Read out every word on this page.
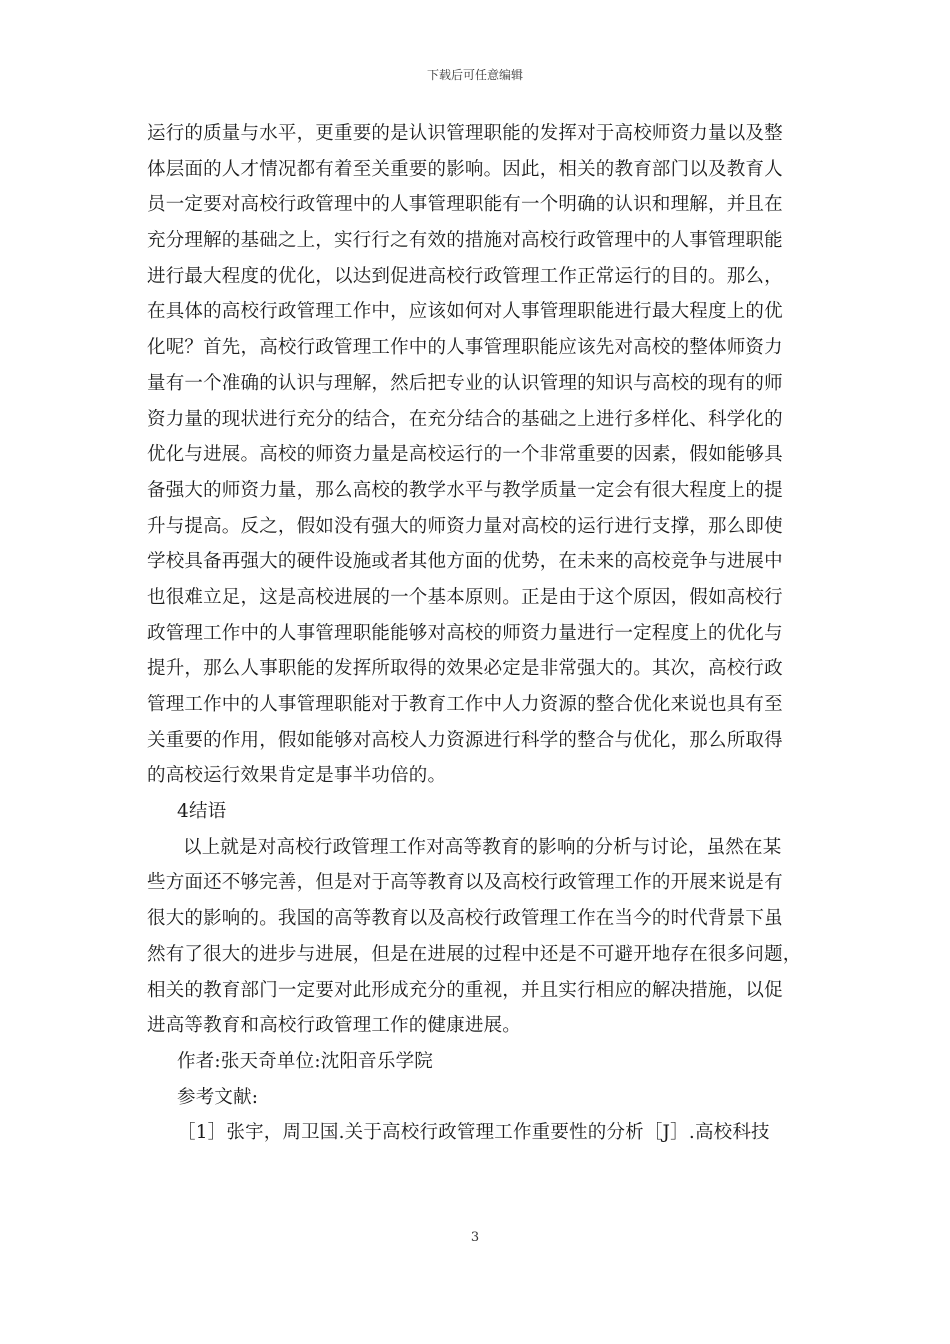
下载后可任意编辑
运行的质量与水平，更重要的是认识管理职能的发挥对于高校师资力量以及整
体层面的人才情况都有着至关重要的影响。因此，相关的教育部门以及教育人
员一定要对高校行政管理中的人事管理职能有一个明确的认识和理解，并且在
充分理解的基础之上，实行行之有效的措施对高校行政管理中的人事管理职能
进行最大程度的优化，以达到促进高校行政管理工作正常运行的目的。那么，
在具体的高校行政管理工作中，应该如何对人事管理职能进行最大程度上的优
化呢？首先，高校行政管理工作中的人事管理职能应该先对高校的整体师资力
量有一个准确的认识与理解，然后把专业的认识管理的知识与高校的现有的师
资力量的现状进行充分的结合，在充分结合的基础之上进行多样化、科学化的
优化与进展。高校的师资力量是高校运行的一个非常重要的因素，假如能够具
备强大的师资力量，那么高校的教学水平与教学质量一定会有很大程度上的提
升与提高。反之，假如没有强大的师资力量对高校的运行进行支撑，那么即使
学校具备再强大的硬件设施或者其他方面的优势，在未来的高校竞争与进展中
也很难立足，这是高校进展的一个基本原则。正是由于这个原因，假如高校行
政管理工作中的人事管理职能能够对高校的师资力量进行一定程度上的优化与
提升，那么人事职能的发挥所取得的效果必定是非常强大的。其次，高校行政
管理工作中的人事管理职能对于教育工作中人力资源的整合优化来说也具有至
关重要的作用，假如能够对高校人力资源进行科学的整合与优化，那么所取得
的高校运行效果肯定是事半功倍的。
4结语
以上就是对高校行政管理工作对高等教育的影响的分析与讨论，虽然在某
些方面还不够完善，但是对于高等教育以及高校行政管理工作的开展来说是有
很大的影响的。我国的高等教育以及高校行政管理工作在当今的时代背景下虽
然有了很大的进步与进展，但是在进展的过程中还是不可避开地存在很多问题，
相关的教育部门一定要对此形成充分的重视，并且实行相应的解决措施，以促
进高等教育和高校行政管理工作的健康进展。
作者:张天奇单位:沈阳音乐学院
参考文献:
［1］张宇，周卫国.关于高校行政管理工作重要性的分析［J］.高校科技
3
